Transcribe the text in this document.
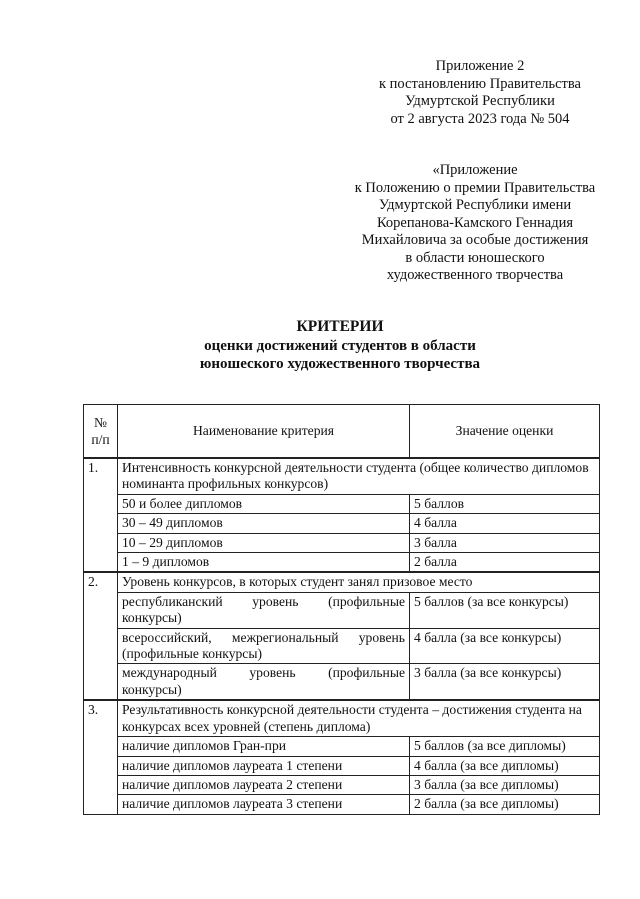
Приложение 2
к постановлению Правительства
Удмуртской Республики
от 2 августа 2023 года № 504
«Приложение
к Положению о премии Правительства
Удмуртской Республики имени
Корепанова-Камского Геннадия
Михайловича за особые достижения
в области юношеского
художественного творчества
КРИТЕРИИ
оценки достижений студентов в области
юношеского художественного творчества
№
п/п	Наименование критерия	Значение оценки
1.	Интенсивность конкурсной деятельности студента (общее количество дипломов номинанта профильных конкурсов)	
	50 и более дипломов	5 баллов
	30 – 49 дипломов	4 балла
	10 – 29 дипломов	3 балла
	1 – 9 дипломов	2 балла
2.	Уровень конкурсов, в которых студент занял призовое место	

	республиканский уровень (профильные
конкурсы)	5 баллов (за все конкурсы)

	всероссийский, межрегиональный уровень
(профильные конкурсы)	4 балла (за все конкурсы)

	международный уровень (профильные
конкурсы)	3 балла (за все конкурсы)
3.	Результативность конкурсной деятельности студента – достижения студента на конкурсах всех уровней (степень диплома)	
	наличие дипломов Гран-при	5 баллов (за все дипломы)
	наличие дипломов лауреата 1 степени	4 балла (за все дипломы)
	наличие дипломов лауреата 2 степени	3 балла (за все дипломы)
	наличие дипломов лауреата 3 степени	2 балла (за все дипломы)
